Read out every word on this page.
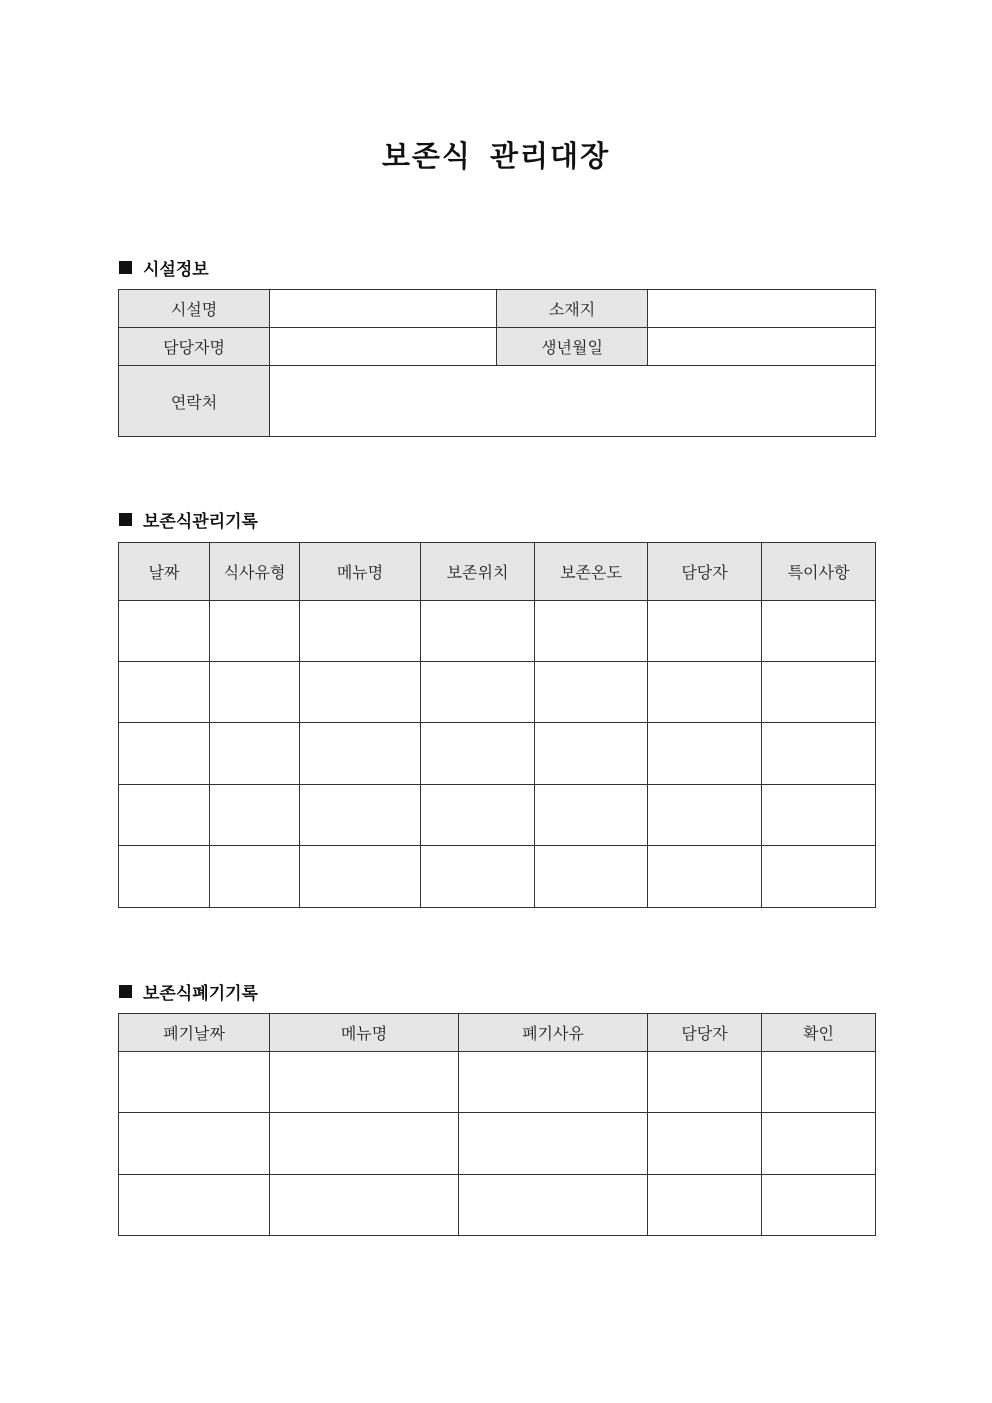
보존식 관리대장
시설정보
시설명		소재지	
담당자명		생년월일	
연락처			
보존식관리기록
날짜	식사유형	메뉴명	보존위치	보존온도	담당자	특이사항

보존식폐기기록
폐기날짜	메뉴명	폐기사유	담당자	확인
